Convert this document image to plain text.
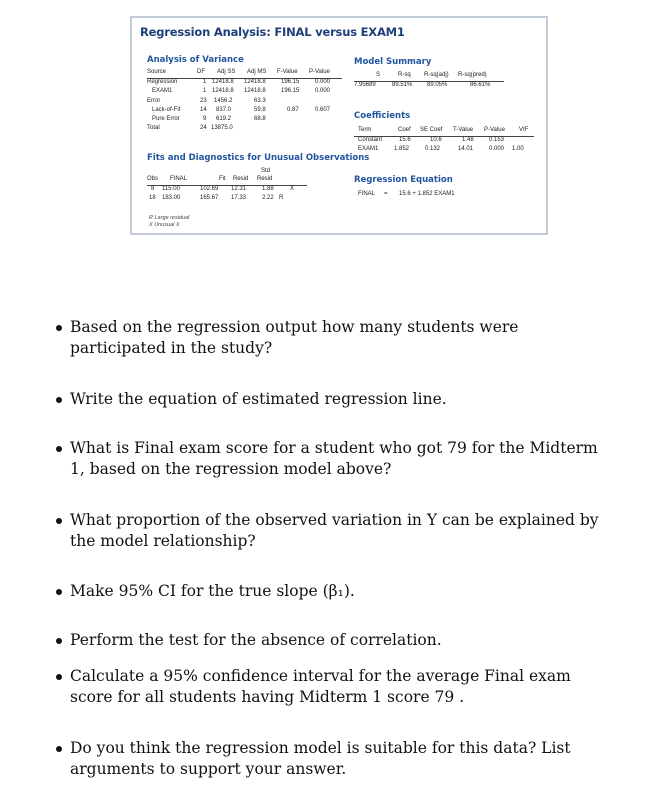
Regression Analysis: FINAL versus EXAM1
Analysis of Variance
Source	DF Adj SS Adj MS F-Value P-Value
Regression	1 12418.8 12418.8	196.15	0.000
EXAM1	1 12418.8 12418.8	196.15	0.000
Error	23 1456.2	63.3
Lack-of-Fit	14 837.0	59.8	0.87	0.607
Pure Error	9 619.2	68.8
Total	24 13875.0
Fits and Diagnostics for Unusual Observations
Std
Obs FINAL	Fit Resid Resid
8 115.00	102.69 12.31	1.88	X
18 183.00	165.67 17.33	2.22 R
R Large residual
X Unusual X
Model Summary
S	R-sq R-sq(adj) R-sq(pred)
7.95689	89.51% 89.05%	86.61%
Coefficients
Term	Coef SE Coef T-Value P-Value VIF
Constant	15.6	10.6	1.48	0.153
EXAM1	1.852	0.132	14.01	0.000 1.00
Regression Equation
FINAL = 15.6 + 1.852 EXAM1
Based on the regression output how many students were participated in the study?
Write the equation of estimated regression line.
What is Final exam score for a student who got 79 for the Midterm 1, based on the regression model above?
What proportion of the observed variation in Y can be explained by the model relationship?
Make 95% CI for the true slope (β₁).
Perform the test for the absence of correlation.
Calculate a 95% confidence interval for the average Final exam score for all students having Midterm 1 score 79 .
Do you think the regression model is suitable for this data? List arguments to support your answer.
